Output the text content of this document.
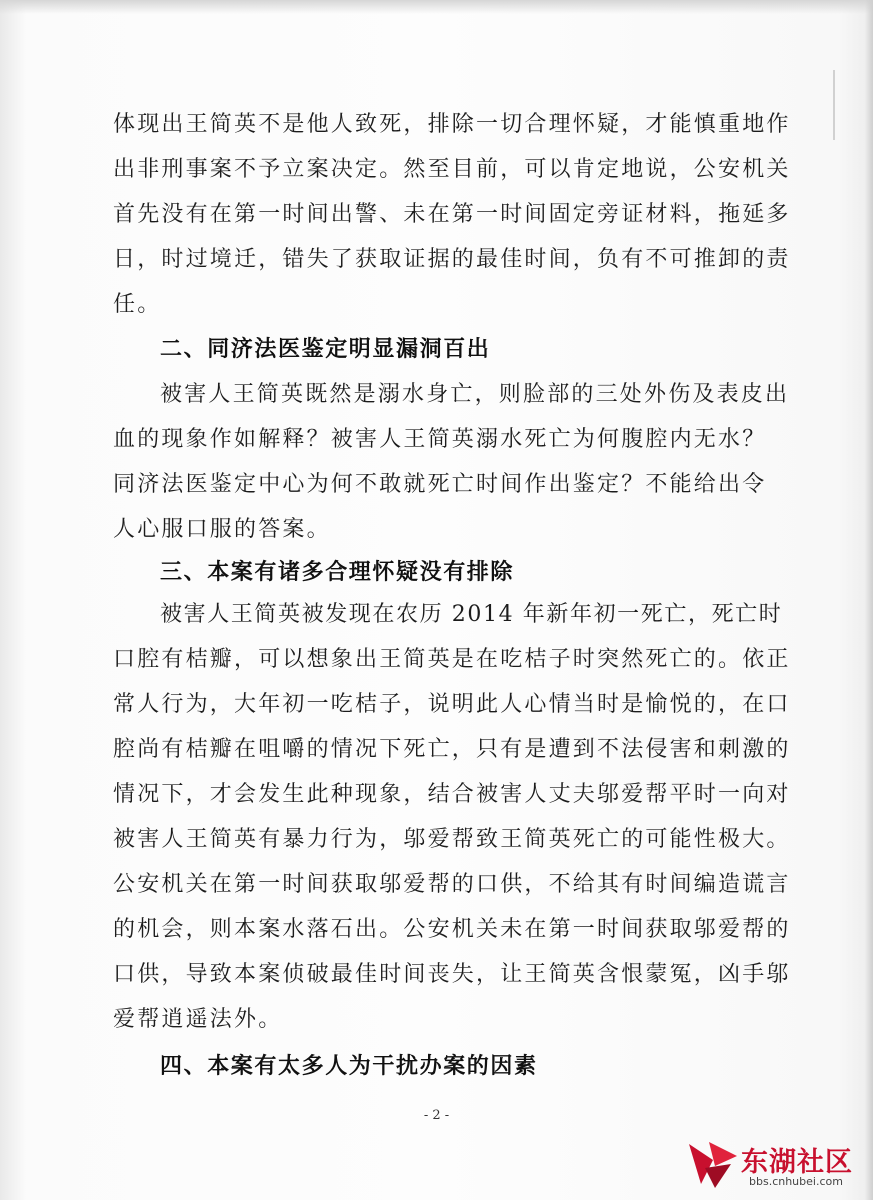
体现出王简英不是他人致死，排除一切合理怀疑，才能慎重地作
出非刑事案不予立案决定。然至目前，可以肯定地说，公安机关
首先没有在第一时间出警、未在第一时间固定旁证材料，拖延多
日，时过境迁，错失了获取证据的最佳时间，负有不可推卸的责
任。
二、同济法医鉴定明显漏洞百出
被害人王简英既然是溺水身亡，则脸部的三处外伤及表皮出
血的现象作如解释？被害人王简英溺水死亡为何腹腔内无水？
同济法医鉴定中心为何不敢就死亡时间作出鉴定？不能给出令
人心服口服的答案。
三、本案有诸多合理怀疑没有排除
被害人王简英被发现在农历 2014 年新年初一死亡，死亡时
口腔有桔瓣，可以想象出王简英是在吃桔子时突然死亡的。依正
常人行为，大年初一吃桔子，说明此人心情当时是愉悦的，在口
腔尚有桔瓣在咀嚼的情况下死亡，只有是遭到不法侵害和刺激的
情况下，才会发生此种现象，结合被害人丈夫邬爱帮平时一向对
被害人王简英有暴力行为，邬爱帮致王简英死亡的可能性极大。
公安机关在第一时间获取邬爱帮的口供，不给其有时间编造谎言
的机会，则本案水落石出。公安机关未在第一时间获取邬爱帮的
口供，导致本案侦破最佳时间丧失，让王简英含恨蒙冤，凶手邬
爱帮逍遥法外。
四、本案有太多人为干扰办案的因素
- 2 -
东湖社区
bbs.cnhubei.com
